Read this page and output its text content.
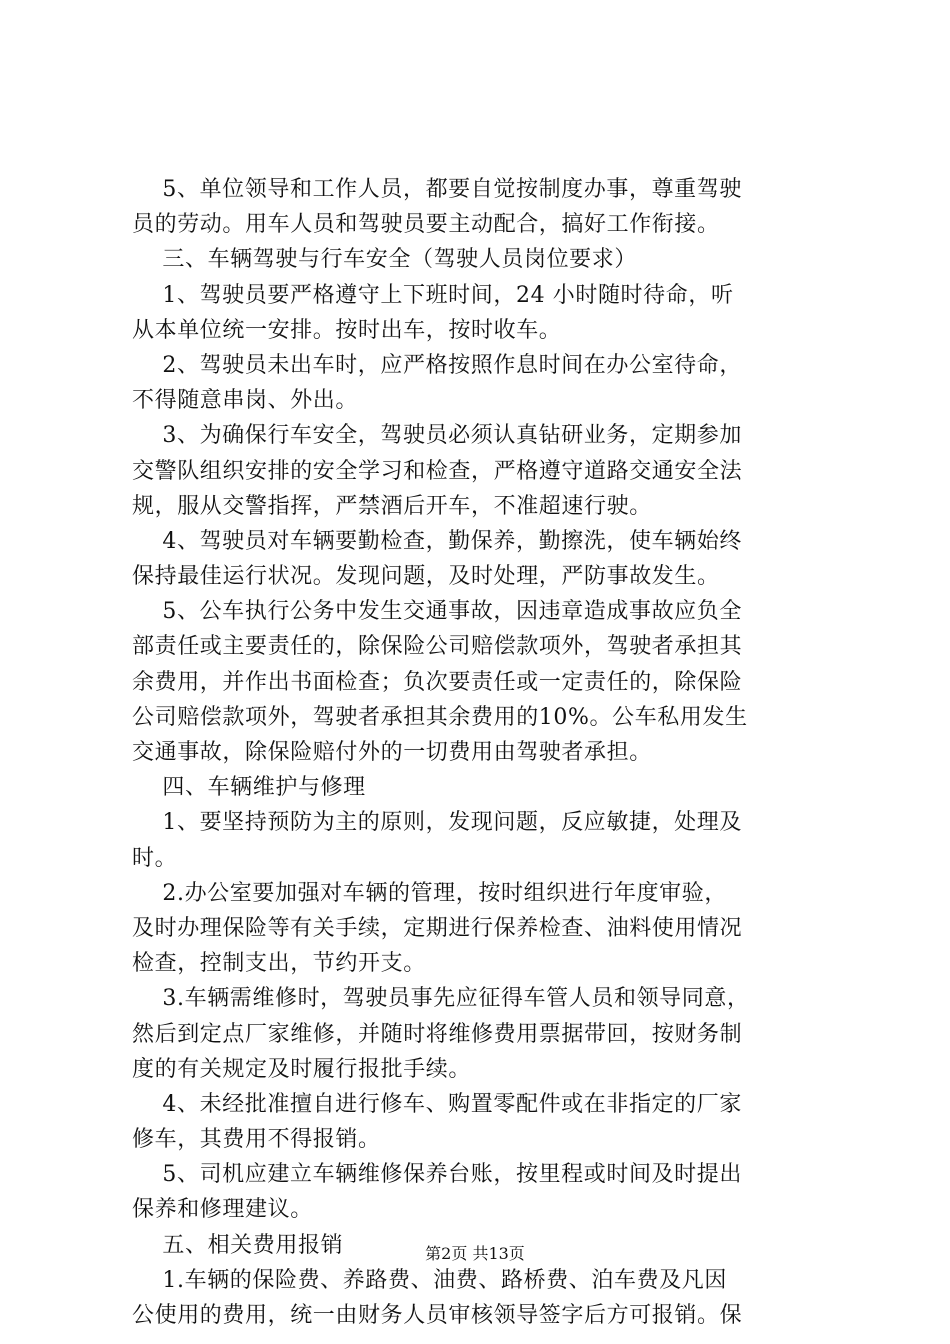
5、单位领导和工作人员，都要自觉按制度办事，尊重驾驶
员的劳动。用车人员和驾驶员要主动配合，搞好工作衔接。
三、车辆驾驶与行车安全（驾驶人员岗位要求）
1、驾驶员要严格遵守上下班时间，24 小时随时待命，听
从本单位统一安排。按时出车，按时收车。
2、驾驶员未出车时，应严格按照作息时间在办公室待命，
不得随意串岗、外出。
3、为确保行车安全，驾驶员必须认真钻研业务，定期参加
交警队组织安排的安全学习和检查，严格遵守道路交通安全法
规，服从交警指挥，严禁酒后开车，不准超速行驶。
4、驾驶员对车辆要勤检查，勤保养，勤擦洗，使车辆始终
保持最佳运行状况。发现问题，及时处理，严防事故发生。
5、公车执行公务中发生交通事故，因违章造成事故应负全
部责任或主要责任的，除保险公司赔偿款项外，驾驶者承担其
余费用，并作出书面检查；负次要责任或一定责任的，除保险
公司赔偿款项外，驾驶者承担其余费用的10%。公车私用发生
交通事故，除保险赔付外的一切费用由驾驶者承担。
四、车辆维护与修理
1、要坚持预防为主的原则，发现问题，反应敏捷，处理及
时。
2.办公室要加强对车辆的管理，按时组织进行年度审验，
及时办理保险等有关手续，定期进行保养检查、油料使用情况
检查，控制支出，节约开支。
3.车辆需维修时，驾驶员事先应征得车管人员和领导同意，
然后到定点厂家维修，并随时将维修费用票据带回，按财务制
度的有关规定及时履行报批手续。
4、未经批准擅自进行修车、购置零配件或在非指定的厂家
修车，其费用不得报销。
5、司机应建立车辆维修保养台账，按里程或时间及时提出
保养和修理建议。
五、相关费用报销
1.车辆的保险费、养路费、油费、路桥费、泊车费及凡因
公使用的费用，统一由财务人员审核领导签字后方可报销。保
第2页 共13页
